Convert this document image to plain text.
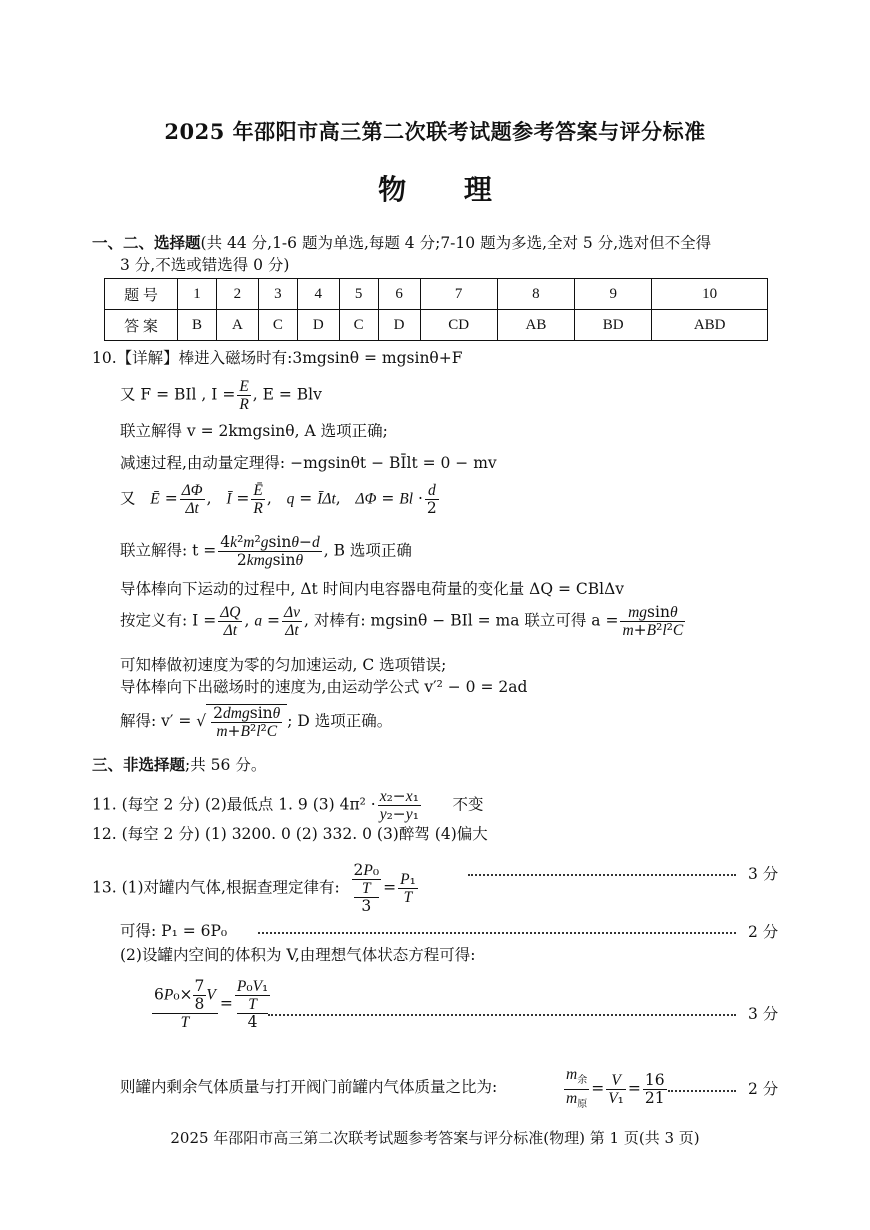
2025 年邵阳市高三第二次联考试题参考答案与评分标准
物 理
一、二、选择题(共 44 分,1-6 题为单选,每题 4 分;7-10 题为多选,全对 5 分,选对但不全得
3 分,不选或错选得 0 分)
题 号	1	2	3	4	5	6	7	8	9	10
答 案	B	A	C	D	C	D	CD	AB	BD	ABD
10.【详解】棒进入磁场时有:3mgsinθ = mgsinθ+F
又 F = BIl , $I = \frac{E}{R}$ , E = Blv
联立解得 v = 2kmgsinθ, A 选项正确;
减速过程,由动量定理得: −mgsinθt − BĪlt = 0 − mv
又 Ē = $\frac{\Delta\Phi}{\Delta t}$ ,   Ī = $\frac{Ē}{R}$ ,   q = ĪΔt,   $\Delta\Phi = Bl \cdot \frac{d}{2}$
联立解得: $t = \frac{\text{4k²m²gsinθ−d}}{\text{2kmgsinθ}}$ , B 选项正确
导体棒向下运动的过程中, Δt 时间内电容器电荷量的变化量 ΔQ = CBlΔv
按定义有: $I = \frac{\Delta Q}{\Delta t}$ , $a = \frac{\Delta v}{\Delta t}$ , 对棒有: mgsinθ − BIl = ma 联立可得 $a = \frac{mgsin\theta}{\text{m+B²l²C}}$
可知棒做初速度为零的匀加速运动, C 选项错误;
导体棒向下出磁场时的速度为,由运动学公式 v′² − 0 = 2ad
解得: v′ = √ $\frac{\text{2dmgsinθ}}{\text{m+B²l²C}}$ ; D 选项正确。
三、非选择题;共 56 分。
11. (每空 2 分) (2)最低点 1. 9 (3) $4\pi^2 \cdot \frac{\text{x₂−x₁}}{\text{y₂−y₁}}$ 不变
12. (每空 2 分) (1) 3200. 0 (2) 332. 0 (3)醉驾 (4)偏大
13. (1)对罐内气体,根据查理定律有: 2P₀
T
$3 = \frac{\text{P₁}}{T}$	3 分
可得: P₁ = 6P₀	2 分
(2)设罐内空间的体积为 V,由理想气体状态方程可得:
$\frac{6P_0\times \frac{7}{8} V}{T} = P_0V_1$
T
4	3 分
则罐内剩余气体质量与打开阀门前罐内气体质量之比为:	$\frac{m_余}{m_原} = \frac{V}{\text{V₁}} = \frac{16}{21}$	2 分
2025 年邵阳市高三第二次联考试题参考答案与评分标准(物理) 第 1 页(共 3 页)
